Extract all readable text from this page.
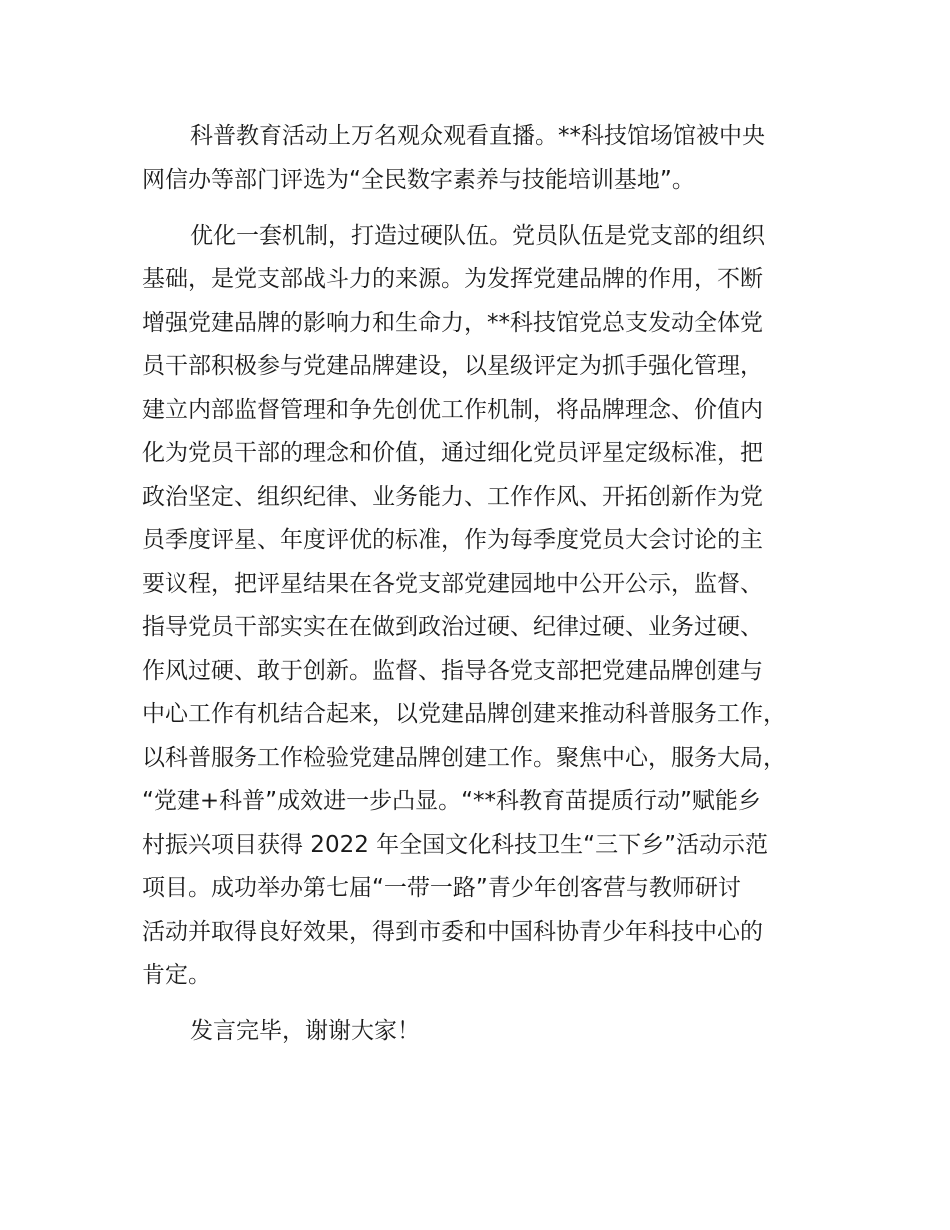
科普教育活动上万名观众观看直播。**科技馆场馆被中央

网信办等部门评选为“全民数字素养与技能培训基地”。

优化一套机制，打造过硬队伍。党员队伍是党支部的组织

基础，是党支部战斗力的来源。为发挥党建品牌的作用，不断

增强党建品牌的影响力和生命力，**科技馆党总支发动全体党

员干部积极参与党建品牌建设，以星级评定为抓手强化管理，

建立内部监督管理和争先创优工作机制，将品牌理念、价值内

化为党员干部的理念和价值，通过细化党员评星定级标准，把

政治坚定、组织纪律、业务能力、工作作风、开拓创新作为党

员季度评星、年度评优的标准，作为每季度党员大会讨论的主

要议程，把评星结果在各党支部党建园地中公开公示，监督、

指导党员干部实实在在做到政治过硬、纪律过硬、业务过硬、

作风过硬、敢于创新。监督、指导各党支部把党建品牌创建与

中心工作有机结合起来，以党建品牌创建来推动科普服务工作，

以科普服务工作检验党建品牌创建工作。聚焦中心，服务大局，

“党建+科普”成效进一步凸显。“**科教育苗提质行动”赋能乡

村振兴项目获得 2022 年全国文化科技卫生“三下乡”活动示范

项目。成功举办第七届“一带一路”青少年创客营与教师研讨

活动并取得良好效果，得到市委和中国科协青少年科技中心的

肯定。

发言完毕，谢谢大家！
